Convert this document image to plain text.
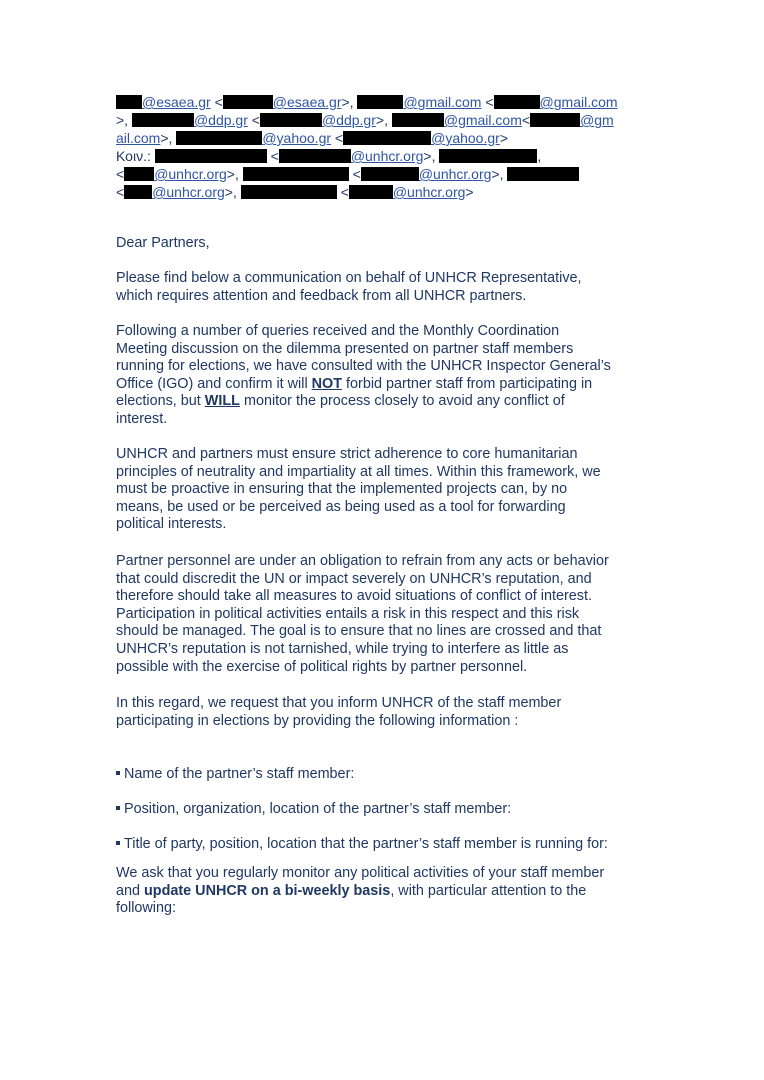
@esaea.gr <	@esaea.gr>,	@gmail.com <	@gmail.com
>,	@ddp.gr <	@ddp.gr>,	@gmail.com<	@gm
ail.com>,	@yahoo.gr <	@yahoo.gr>
Κοιν.:	<	@unhcr.org>,	,
< @unhcr.org>,	<	@unhcr.org>,
< @unhcr.org>,	<	@unhcr.org>

Dear Partners,

Please find below a communication on behalf of UNHCR Representative,
which requires attention and feedback from all UNHCR partners.
Following a number of queries received and the Monthly Coordination
Meeting discussion on the dilemma presented on partner staff members
running for elections, we have consulted with the UNHCR Inspector General’s
Office (IGO) and confirm it will NOT forbid partner staff from participating in
elections, but WILL monitor the process closely to avoid any conflict of
interest.
UNHCR and partners must ensure strict adherence to core humanitarian
principles of neutrality and impartiality at all times. Within this framework, we
must be proactive in ensuring that the implemented projects can, by no
means, be used or be perceived as being used as a tool for forwarding
political interests.
Partner personnel are under an obligation to refrain from any acts or behavior
that could discredit the UN or impact severely on UNHCR’s reputation, and
therefore should take all measures to avoid situations of conflict of interest.
Participation in political activities entails a risk in this respect and this risk
should be managed. The goal is to ensure that no lines are crossed and that
UNHCR’s reputation is not tarnished, while trying to interfere as little as
possible with the exercise of political rights by partner personnel.
In this regard, we request that you inform UNHCR of the staff member
participating in elections by providing the following information :
Name of the partner’s staff member:
Position, organization, location of the partner’s staff member:
Title of party, position, location that the partner’s staff member is running for:
We ask that you regularly monitor any political activities of your staff member
and update UNHCR on a bi-weekly basis, with particular attention to the
following:
